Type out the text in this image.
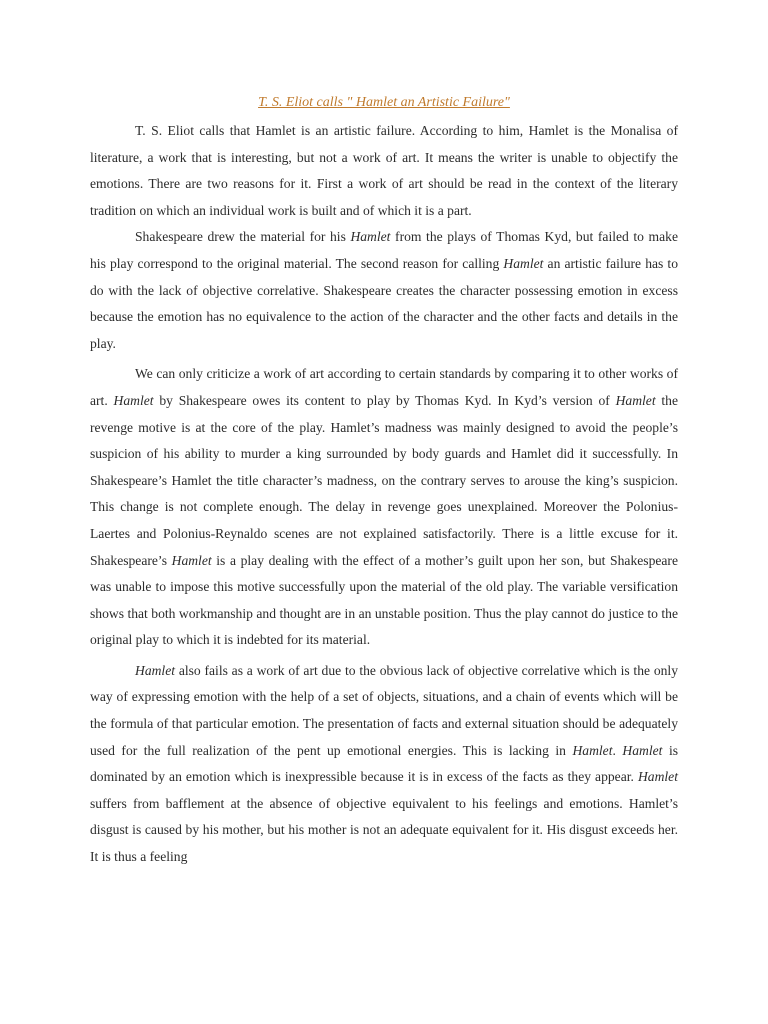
T. S. Eliot calls " Hamlet an Artistic Failure"

T. S. Eliot calls that Hamlet is an artistic failure. According to him, Hamlet is the Monalisa of literature, a work that is interesting, but not a work of art. It means the writer is unable to objectify the emotions. There are two reasons for it. First a work of art should be read in the context of the literary tradition on which an individual work is built and of which it is a part.

Shakespeare drew the material for his Hamlet from the plays of Thomas Kyd, but failed to make his play correspond to the original material. The second reason for calling Hamlet an artistic failure has to do with the lack of objective correlative. Shakespeare creates the character possessing emotion in excess because the emotion has no equivalence to the action of the character and the other facts and details in the play.

We can only criticize a work of art according to certain standards by comparing it to other works of art. Hamlet by Shakespeare owes its content to play by Thomas Kyd. In Kyd’s version of Hamlet the revenge motive is at the core of the play. Hamlet’s madness was mainly designed to avoid the people’s suspicion of his ability to murder a king surrounded by body guards and Hamlet did it successfully. In Shakespeare’s Hamlet the title character’s madness, on the contrary serves to arouse the king’s suspicion. This change is not complete enough. The delay in revenge goes unexplained. Moreover the Polonius-Laertes and Polonius-Reynaldo scenes are not explained satisfactorily. There is a little excuse for it. Shakespeare’s Hamlet is a play dealing with the effect of a mother’s guilt upon her son, but Shakespeare was unable to impose this motive successfully upon the material of the old play. The variable versification shows that both workmanship and thought are in an unstable position. Thus the play cannot do justice to the original play to which it is indebted for its material.

Hamlet also fails as a work of art due to the obvious lack of objective correlative which is the only way of expressing emotion with the help of a set of objects, situations, and a chain of events which will be the formula of that particular emotion. The presentation of facts and external situation should be adequately used for the full realization of the pent up emotional energies. This is lacking in Hamlet. Hamlet is dominated by an emotion which is inexpressible because it is in excess of the facts as they appear. Hamlet suffers from bafflement at the absence of objective equivalent to his feelings and emotions. Hamlet’s disgust is caused by his mother, but his mother is not an adequate equivalent for it. His disgust exceeds her. It is thus a feeling
